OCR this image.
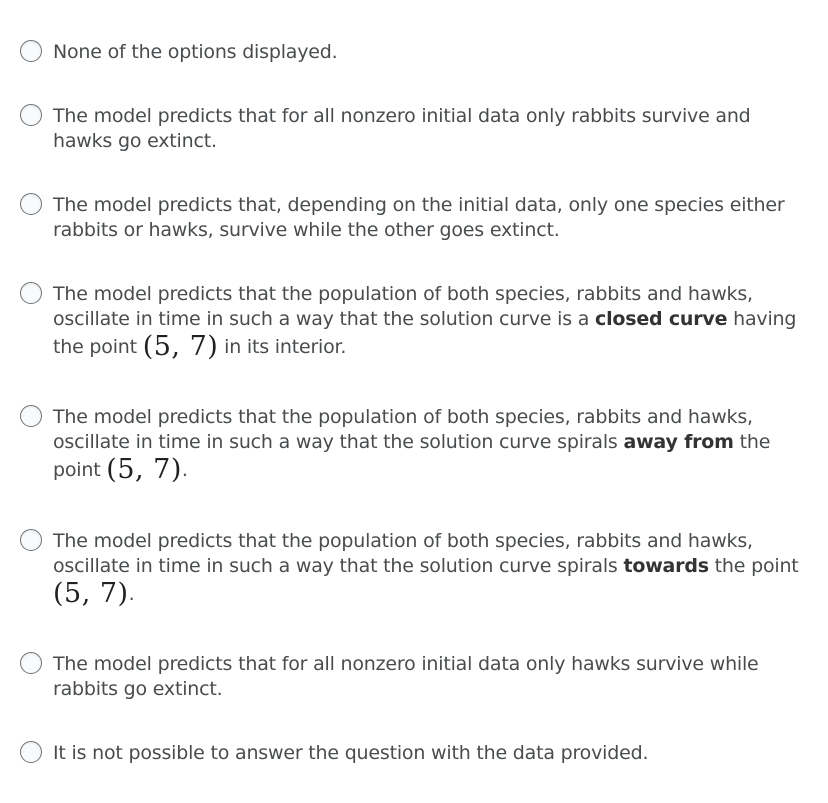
None of the options displayed.
The model predicts that for all nonzero initial data only rabbits survive and hawks go extinct.
The model predicts that, depending on the initial data, only one species either rabbits or hawks, survive while the other goes extinct.
The model predicts that the population of both species, rabbits and hawks, oscillate in time in such a way that the solution curve is a closed curve having the point (5, 7) in its interior.
The model predicts that the population of both species, rabbits and hawks, oscillate in time in such a way that the solution curve spirals away from the point (5, 7).
The model predicts that the population of both species, rabbits and hawks, oscillate in time in such a way that the solution curve spirals towards the point (5, 7).
The model predicts that for all nonzero initial data only hawks survive while rabbits go extinct.
It is not possible to answer the question with the data provided.
